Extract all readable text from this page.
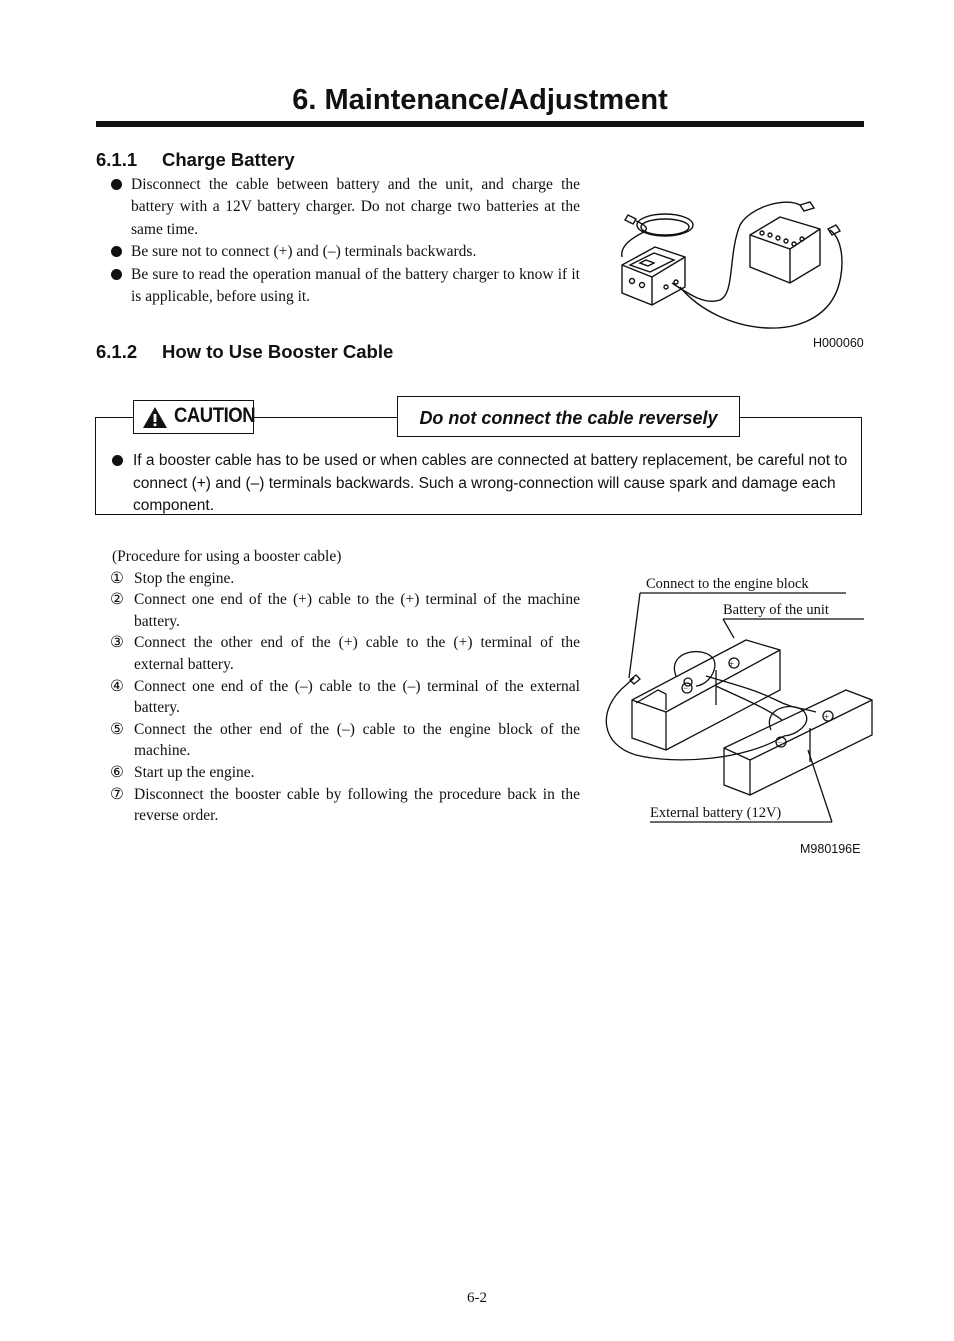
6. Maintenance/Adjustment
6.1.1 Charge Battery
Disconnect the cable between battery and the unit, and charge the battery with a 12V battery charger. Do not charge two batteries at the same time.
Be sure not to connect (+) and (–) terminals backwards.
Be sure to read the operation manual of the battery charger to know if it is applicable, before using it.
H000060
6.1.2 How to Use Booster Cable
CAUTION	Do not connect the cable reversely
If a booster cable has to be used or when cables are connected at battery replacement, be careful not to connect (+) and (–) terminals backwards. Such a wrong-connection will cause spark and damage each component.
(Procedure for using a booster cable)
① Stop the engine.
② Connect one end of the (+) cable to the (+) terminal of the machine battery.
③ Connect the other end of the (+) cable to the (+) terminal of the external battery.
④ Connect one end of the (–) cable to the (–) terminal of the external battery.
⑤ Connect the other end of the (–) cable to the engine block of the machine.
⑥ Start up the engine.
⑦ Disconnect the booster cable by following the procedure back in the reverse order.
Connect to the engine block
Battery of the unit
External battery (12V)
+
−
+
−
M980196E
6-2
